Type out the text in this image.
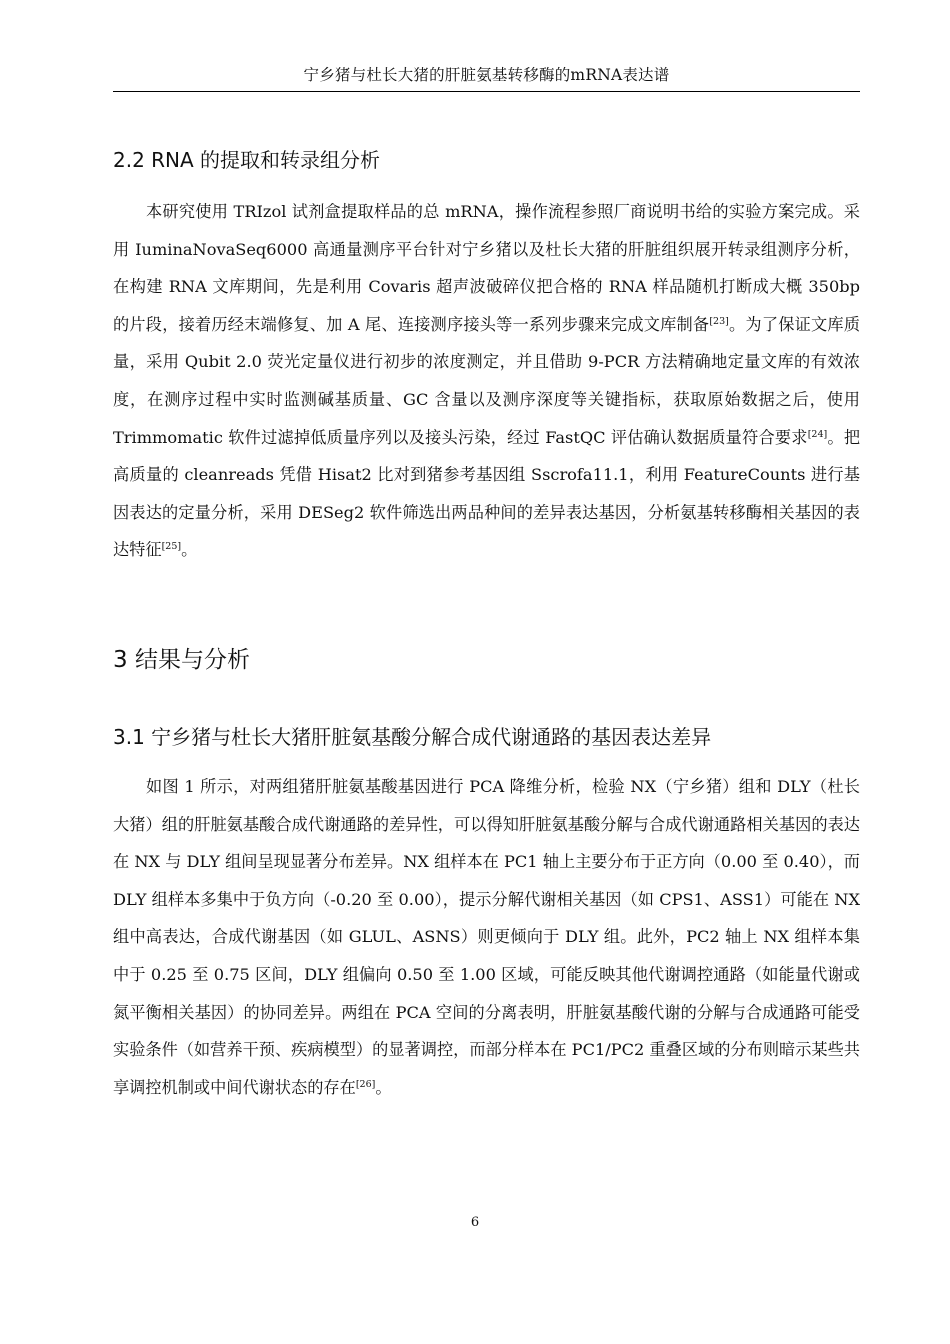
宁乡猪与杜长大猪的肝脏氨基转移酶的mRNA表达谱
2.2 RNA 的提取和转录组分析

本研究使用 TRIzol 试剂盒提取样品的总 mRNA，操作流程参照厂商说明书给的实验方案完成。采用 IuminaNovaSeq6000 高通量测序平台针对宁乡猪以及杜长大猪的肝脏组织展开转录组测序分析，在构建 RNA 文库期间，先是利用 Covaris 超声波破碎仪把合格的 RNA 样品随机打断成大概 350bp 的片段，接着历经末端修复、加 A 尾、连接测序接头等一系列步骤来完成文库制备[23]。为了保证文库质量，采用 Qubit 2.0 荧光定量仪进行初步的浓度测定，并且借助 9-PCR 方法精确地定量文库的有效浓度，在测序过程中实时监测碱基质量、GC 含量以及测序深度等关键指标，获取原始数据之后，使用 Trimmomatic 软件过滤掉低质量序列以及接头污染，经过 FastQC 评估确认数据质量符合要求[24]。把高质量的 cleanreads 凭借 Hisat2 比对到猪参考基因组 Sscrofa11.1，利用 FeatureCounts 进行基因表达的定量分析，采用 DESeg2 软件筛选出两品种间的差异表达基因，分析氨基转移酶相关基因的表达特征[25]。

3 结果与分析
3.1 宁乡猪与杜长大猪肝脏氨基酸分解合成代谢通路的基因表达差异

如图 1 所示，对两组猪肝脏氨基酸基因进行 PCA 降维分析，检验 NX（宁乡猪）组和 DLY（杜长大猪）组的肝脏氨基酸合成代谢通路的差异性，可以得知肝脏氨基酸分解与合成代谢通路相关基因的表达在 NX 与 DLY 组间呈现显著分布差异。NX 组样本在 PC1 轴上主要分布于正方向（0.00 至 0.40），而 DLY 组样本多集中于负方向（-0.20 至 0.00），提示分解代谢相关基因（如 CPS1、ASS1）可能在 NX 组中高表达，合成代谢基因（如 GLUL、ASNS）则更倾向于 DLY 组。此外，PC2 轴上 NX 组样本集中于 0.25 至 0.75 区间，DLY 组偏向 0.50 至 1.00 区域，可能反映其他代谢调控通路（如能量代谢或氮平衡相关基因）的协同差异。两组在 PCA 空间的分离表明，肝脏氨基酸代谢的分解与合成通路可能受实验条件（如营养干预、疾病模型）的显著调控，而部分样本在 PC1/PC2 重叠区域的分布则暗示某些共享调控机制或中间代谢状态的存在[26]。

6
